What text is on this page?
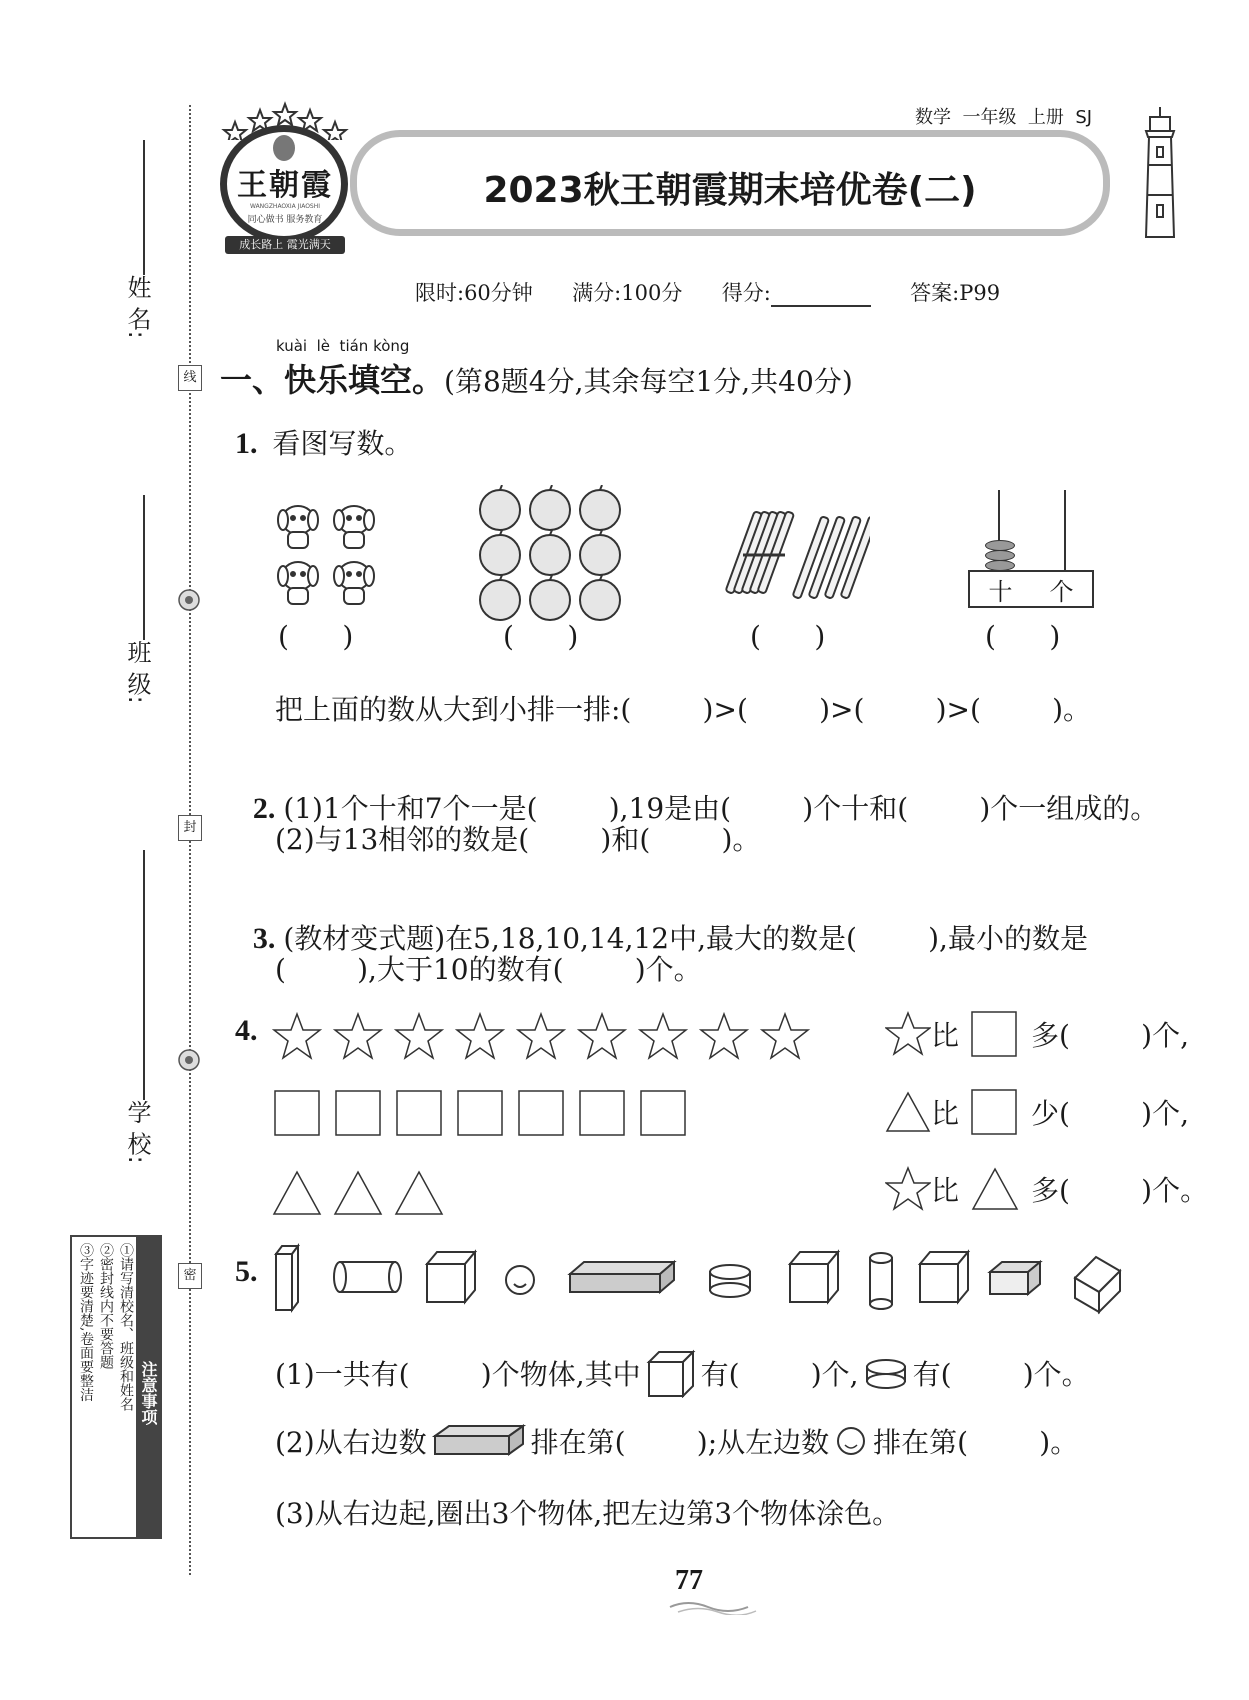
姓 名:
班 级:
学 校:
线
封
密
注意事项
①请写清校名、班级和姓名
②密封线内不要答题
③字迹要清楚,卷面要整洁
王朝霞
WANGZHAOXIA JIAOSHI
同心做书 服务教育
成长路上 霞光满天
数学  一年级  上册  SJ
2023秋王朝霞期末培优卷(二)
限时:60分钟 满分:100分 得分:	答案:P99
kuài  lè  tián kòng
一、快乐填空。(第8题4分,其余每空1分,共40分)
1. 看图写数。
十 个
(      )	(      )	(      )	(      )
把上面的数从大到小排一排:(        )>(        )>(        )>(        )。

2. (1)1个十和7个一是(        ),19是由(        )个十和(        )个一组成的。

(2)与13相邻的数是(        )和(        )。

3. (教材变式题)在5,18,10,14,12中,最大的数是(        ),最小的数是

(        ),大于10的数有(        )个。
4.	比	多(        )个,
比	少(        )个,
比	多(        )个。
5.
(1)一共有(        )个物体,其中 有(        )个, 有(        )个。
(2)从右边数	排在第(        );从左边数 排在第(        )。
(3)从右边起,圈出3个物体,把左边第3个物体涂色。
77
